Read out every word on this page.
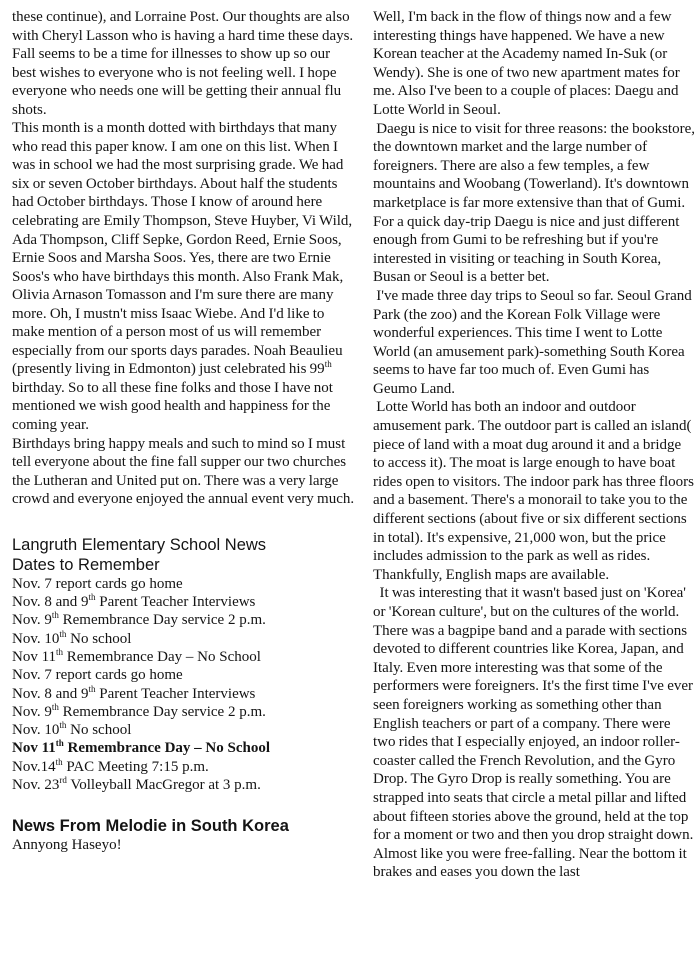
these continue), and Lorraine Post. Our thoughts are also with Cheryl Lasson who is having a hard time these days. Fall seems to be a time for illnesses to show up so our best wishes to everyone who is not feeling well. I hope everyone who needs one will be getting their annual flu shots.

This month is a month dotted with birthdays that many who read this paper know. I am one on this list. When I was in school we had the most surprising grade. We had six or seven October birthdays. About half the students had October birthdays. Those I know of around here celebrating are Emily Thompson, Steve Huyber, Vi Wild, Ada Thompson, Cliff Sepke, Gordon Reed, Ernie Soos, Ernie Soos and Marsha Soos. Yes, there are two Ernie Soos's who have birthdays this month. Also Frank Mak, Olivia Arnason Tomasson and I'm sure there are many more. Oh, I mustn't miss Isaac Wiebe. And I'd like to make mention of a person most of us will remember especially from our sports days parades. Noah Beaulieu (presently living in Edmonton) just celebrated his 99th birthday. So to all these fine folks and those I have not mentioned we wish good health and happiness for the coming year.

Birthdays bring happy meals and such to mind so I must tell everyone about the fine fall supper our two churches the Lutheran and United put on. There was a very large crowd and everyone enjoyed the annual event very much.

Langruth Elementary School News

Dates to Remember

Nov. 7 report cards go home
Nov. 8 and 9th Parent Teacher Interviews
Nov. 9th Remembrance Day service 2 p.m.
Nov. 10th No school
Nov 11th Remembrance Day – No School
Nov. 7 report cards go home
Nov. 8 and 9th Parent Teacher Interviews
Nov. 9th Remembrance Day service 2 p.m.
Nov. 10th No school
Nov 11th Remembrance Day – No School
Nov.14th PAC Meeting 7:15 p.m.
Nov. 23rd Volleyball MacGregor at 3 p.m.

News From Melodie in South Korea

Annyong Haseyo!

Well, I'm back in the flow of things now and a few interesting things have happened. We have a new Korean teacher at the Academy named In-Suk (or Wendy). She is one of two new apartment mates for me. Also I've been to a couple of places: Daegu and Lotte World in Seoul.

Daegu is nice to visit for three reasons: the bookstore, the downtown market and the large number of foreigners. There are also a few temples, a few mountains and Woobang (Towerland). It's downtown marketplace is far more extensive than that of Gumi. For a quick day-trip Daegu is nice and just different enough from Gumi to be refreshing but if you're interested in visiting or teaching in South Korea, Busan or Seoul is a better bet.

I've made three day trips to Seoul so far. Seoul Grand Park (the zoo) and the Korean Folk Village were wonderful experiences. This time I went to Lotte World (an amusement park)-something South Korea seems to have far too much of. Even Gumi has Geumo Land.

Lotte World has both an indoor and outdoor amusement park. The outdoor part is called an island( piece of land with a moat dug around it and a bridge to access it). The moat is large enough to have boat rides open to visitors. The indoor park has three floors and a basement. There's a monorail to take you to the different sections (about five or six different sections in total). It's expensive, 21,000 won, but the price includes admission to the park as well as rides. Thankfully, English maps are available.

It was interesting that it wasn't based just on 'Korea' or 'Korean culture', but on the cultures of the world. There was a bagpipe band and a parade with sections devoted to different countries like Korea, Japan, and Italy. Even more interesting was that some of the performers were foreigners. It's the first time I've ever seen foreigners working as something other than English teachers or part of a company. There were two rides that I especially enjoyed, an indoor roller-coaster called the French Revolution, and the Gyro Drop. The Gyro Drop is really something. You are strapped into seats that circle a metal pillar and lifted about fifteen stories above the ground, held at the top for a moment or two and then you drop straight down. Almost like you were free-falling. Near the bottom it brakes and eases you down the last
